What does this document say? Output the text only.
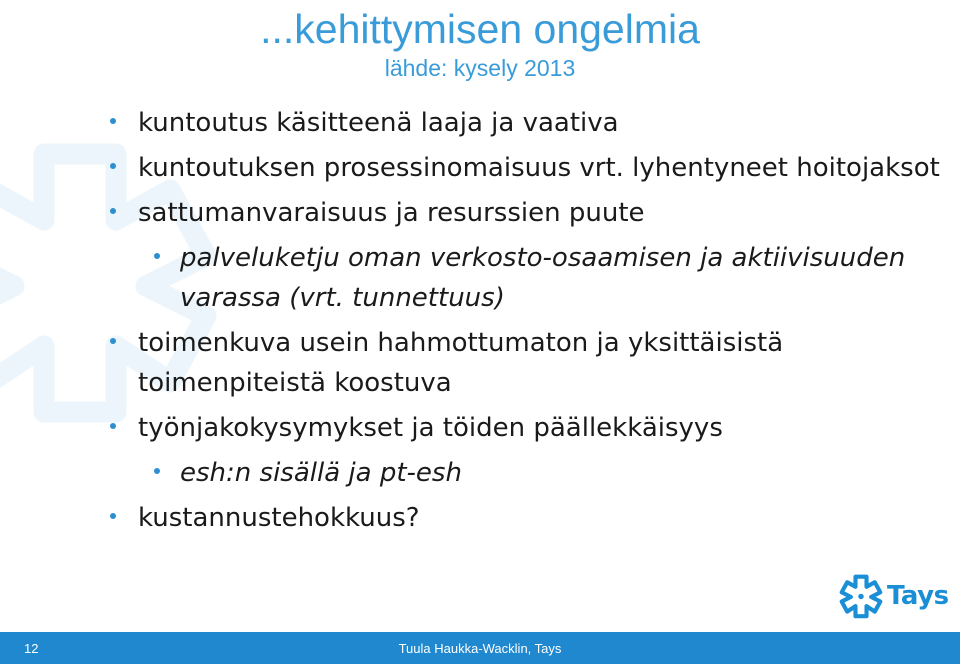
...kehittymisen ongelmia
lähde: kysely 2013

kuntoutus käsitteenä laaja ja vaativa

kuntoutuksen prosessinomaisuus vrt. lyhentyneet hoitojaksot

sattumanvaraisuus ja resurssien puute

palveluketju oman verkosto-osaamisen ja aktiivisuuden varassa (vrt. tunnettuus)

toimenkuva usein hahmottumaton ja yksittäisistä toimenpiteistä koostuva

työnjakokysymykset ja töiden päällekkäisyys

esh:n sisällä ja pt-esh

kustannustehokkuus?

Tays
12	Tuula Haukka-Wacklin, Tays
